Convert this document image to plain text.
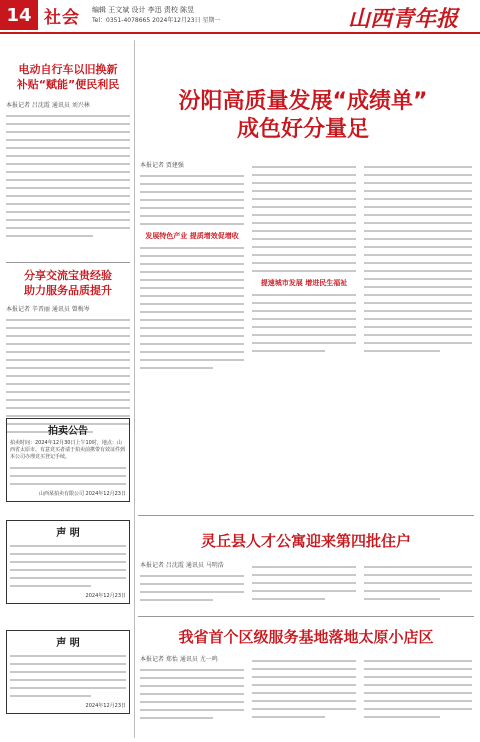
14 社会 编辑 王文斌 设计 李迅 责校 陈昱
Tel：0351-4078665 2024年12月23日 星期一	山西青年报
电动自行车以旧换新
补贴“赋能”便民利民
本报记者 吕沈霞 通讯员 刘兴林
分享交流宝贵经验
助力服务品质提升
本报记者 辛晋丽 通讯员 曾梅岑
拍卖公告
拍卖时间：2024年12月30日上午10时，地点：山西省太原市。有意竞买者请于拍卖前携带有效证件到本公司办理竞买登记手续。
山西某拍卖有限公司 2024年12月23日
声 明
2024年12月23日
声 明
2024年12月23日
汾阳高质量发展“成绩单”
成色好分量足
本报记者 贾建强
发展特色产业 提质增效促增收
提速城市发展 增进民生福祉
灵丘县人才公寓迎来第四批住户
本报记者 吕沈霞 通讯员 马明浩
我省首个区级服务基地落地太原小店区
本报记者 郑怡 通讯员 尤一鸣
